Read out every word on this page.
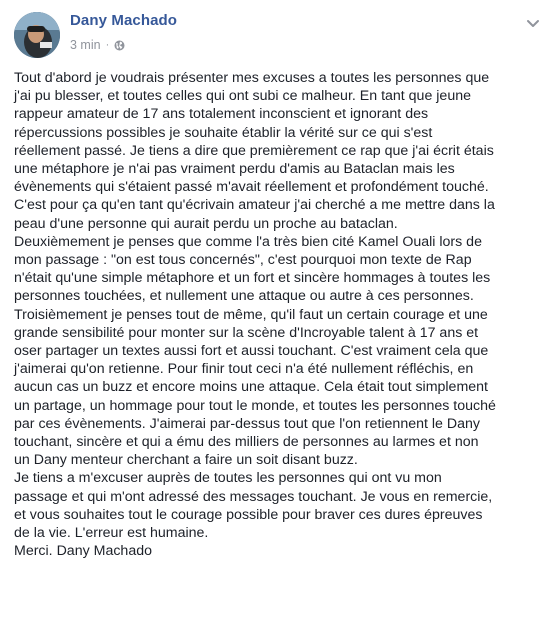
Dany Machado
3 min ·

Tout d'abord je voudrais présenter mes excuses a toutes les personnes que

j'ai pu blesser, et toutes celles qui ont subi ce malheur. En tant que jeune

rappeur amateur de 17 ans totalement inconscient et ignorant des

répercussions possibles je souhaite établir la vérité sur ce qui s'est

réellement passé. Je tiens a dire que premièrement ce rap que j'ai écrit étais

une métaphore je n'ai pas vraiment perdu d'amis au Bataclan mais les

évènements qui s'étaient passé m'avait réellement et profondément touché.

C'est pour ça qu'en tant qu'écrivain amateur j'ai cherché a me mettre dans la

peau d'une personne qui aurait perdu un proche au bataclan.

Deuxièmement je penses que comme l'a très bien cité Kamel Ouali lors de

mon passage : "on est tous concernés", c'est pourquoi mon texte de Rap

n'était qu'une simple métaphore et un fort et sincère hommages à toutes les

personnes touchées, et nullement une attaque ou autre à ces personnes.

Troisièmement je penses tout de même, qu'il faut un certain courage et une

grande sensibilité pour monter sur la scène d'Incroyable talent à 17 ans et

oser partager un textes aussi fort et aussi touchant. C'est vraiment cela que

j'aimerai qu'on retienne. Pour finir tout ceci n'a été nullement réfléchis, en

aucun cas un buzz et encore moins une attaque. Cela était tout simplement

un partage, un hommage pour tout le monde, et toutes les personnes touché

par ces évènements. J'aimerai par-dessus tout que l'on retiennent le Dany

touchant, sincère et qui a ému des milliers de personnes au larmes et non

un Dany menteur cherchant a faire un soit disant buzz.

Je tiens a m'excuser auprès de toutes les personnes qui ont vu mon

passage et qui m'ont adressé des messages touchant. Je vous en remercie,

et vous souhaites tout le courage possible pour braver ces dures épreuves

de la vie. L'erreur est humaine.

Merci. Dany Machado
